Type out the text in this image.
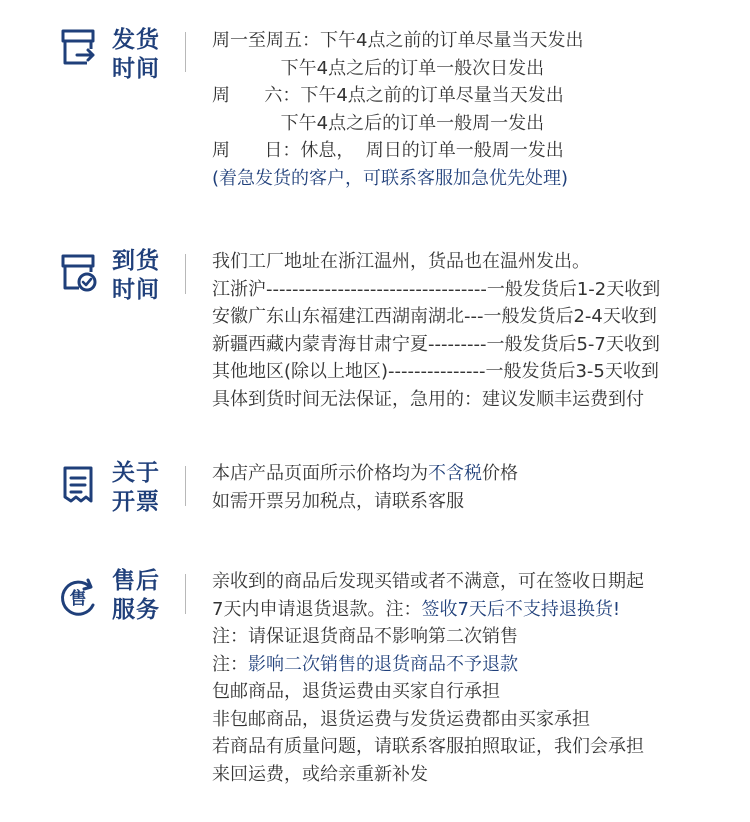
发货
时间
周一至周五：下午4点之前的订单尽量当天发出
下午4点之后的订单一般次日发出
周      六：下午4点之前的订单尽量当天发出
下午4点之后的订单一般周一发出
周      日：休息，  周日的订单一般周一发出
(着急发货的客户，可联系客服加急优先处理)
到货
时间
我们工厂地址在浙江温州，货品也在温州发出。
江浙沪----------------------------------一般发货后1-2天收到
安徽广东山东福建江西湖南湖北---一般发货后2-4天收到
新疆西藏内蒙青海甘肃宁夏---------一般发货后5-7天收到
其他地区(除以上地区)---------------一般发货后3-5天收到
具体到货时间无法保证，急用的：建议发顺丰运费到付
关于
开票
本店产品页面所示价格均为不含税价格
如需开票另加税点，请联系客服
售
售后
服务
亲收到的商品后发现买错或者不满意，可在签收日期起
7天内申请退货退款。注：签收7天后不支持退换货!
注：请保证退货商品不影响第二次销售
注：影响二次销售的退货商品不予退款
包邮商品，退货运费由买家自行承担
非包邮商品，退货运费与发货运费都由买家承担
若商品有质量问题，请联系客服拍照取证，我们会承担
来回运费，或给亲重新补发
